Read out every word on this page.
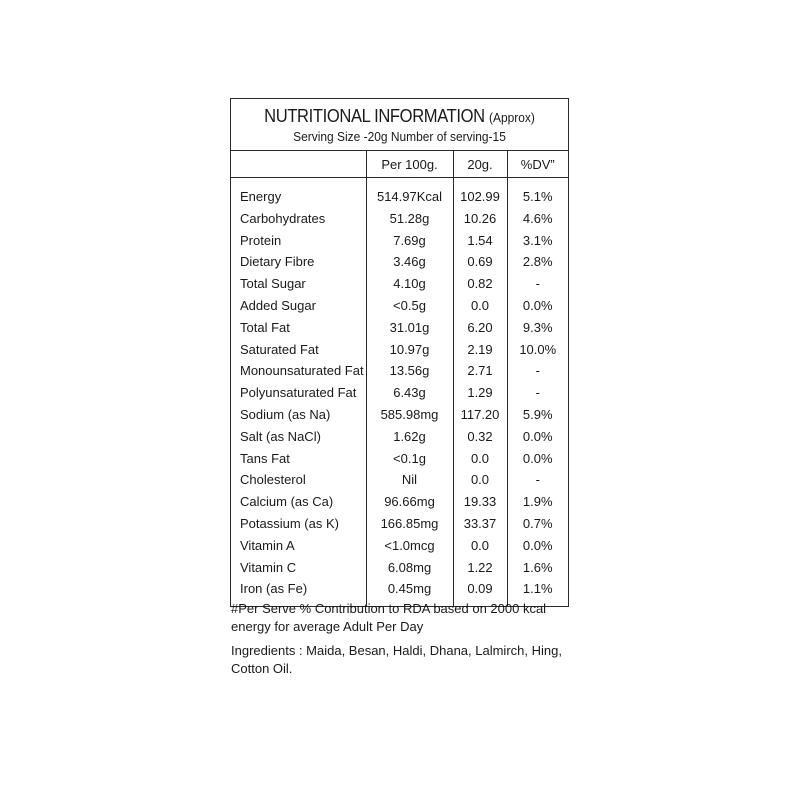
NUTRITIONAL INFORMATION (Approx)
Serving Size -20g Number of serving-15
	Per 100g.	20g.	%DV”
Energy	514.97Kcal	102.99	5.1%
Carbohydrates	51.28g	10.26	4.6%
Protein	7.69g	1.54	3.1%
Dietary Fibre	3.46g	0.69	2.8%
Total Sugar	4.10g	0.82	-
Added Sugar	<0.5g	0.0	0.0%
Total Fat	31.01g	6.20	9.3%
Saturated Fat	10.97g	2.19	10.0%
Monounsaturated Fat	13.56g	2.71	-
Polyunsaturated Fat	6.43g	1.29	-
Sodium (as Na)	585.98mg	117.20	5.9%
Salt (as NaCl)	1.62g	0.32	0.0%
Tans Fat	<0.1g	0.0	0.0%
Cholesterol	Nil	0.0	-
Calcium (as Ca)	96.66mg	19.33	1.9%
Potassium (as K)	166.85mg	33.37	0.7%
Vitamin A	<1.0mcg	0.0	0.0%
Vitamin C	6.08mg	1.22	1.6%
Iron (as Fe)	0.45mg	0.09	1.1%
#Per Serve % Contribution to RDA based on 2000 kcal energy for average Adult Per Day
Ingredients : Maida, Besan, Haldi, Dhana, Lalmirch, Hing, Cotton Oil.
